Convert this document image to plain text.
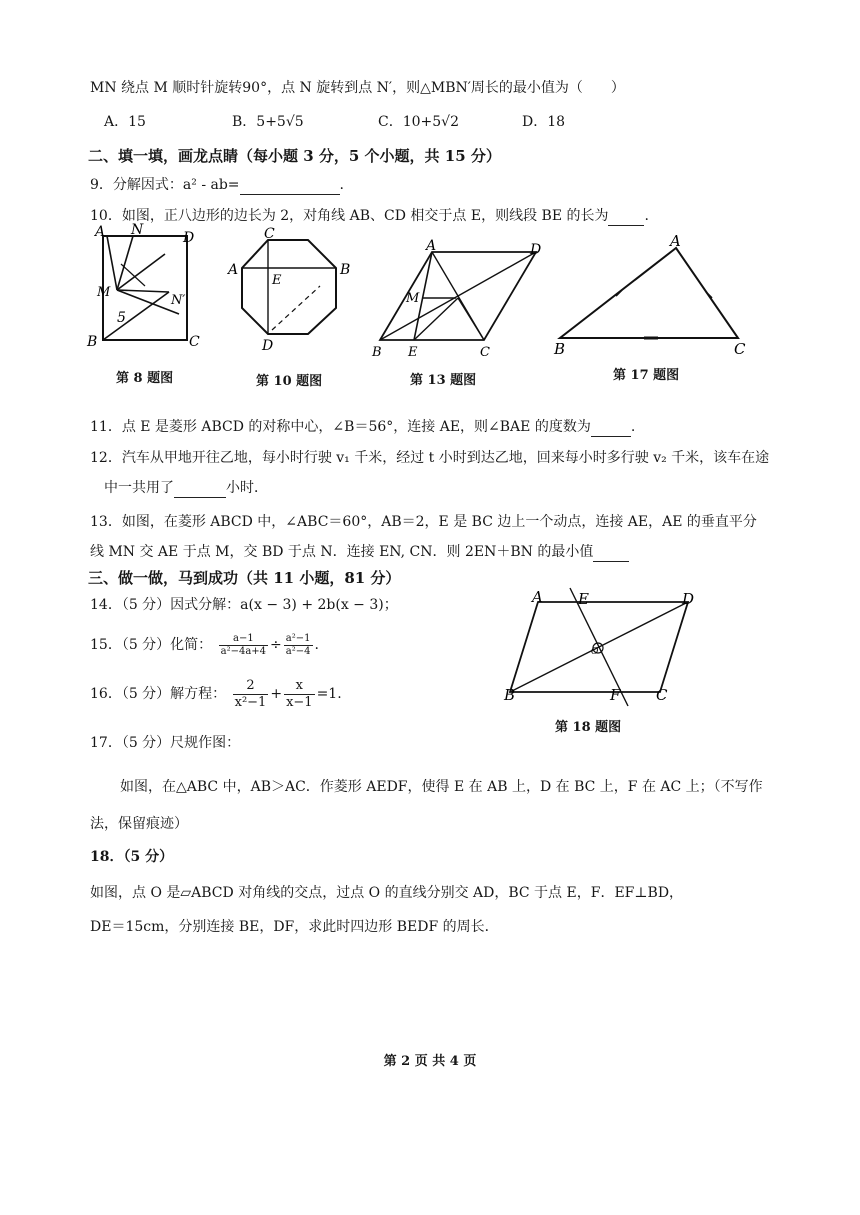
MN 绕点 M 顺时针旋转90°，点 N 旋转到点 N′，则△MBN′周长的最小值为（　　）
A．15	B．5+5√5	C．10+5√2	D．18
二、填一填，画龙点睛（每小题 3 分，5 个小题，共 15 分）
9．分解因式：a² - ab=	.
10．如图，正八边形的边长为 2，对角线 AB、CD 相交于点 E，则线段 BE 的长为	.
A N	D
M
N′
5
B	C
第 8 题图
C
A
E
B
D
第 10 题图
A	D
M
B E	C
第 13 题图
A
B	C
第 17 题图
11．点 E 是菱形 ABCD 的对称中心，∠B＝56°，连接 AE，则∠BAE 的度数为	.
12．汽车从甲地开往乙地，每小时行驶 v₁ 千米，经过 t 小时到达乙地，回来每小时多行驶 v₂ 千米，该车在途
中一共用了	小时．
13．如图，在菱形 ABCD 中，∠ABC＝60°，AB＝2，E 是 BC 边上一个动点，连接 AE，AE 的垂直平分
线 MN 交 AE 于点 M，交 BD 于点 N．连接 EN, CN．则 2EN＋BN 的最小值
三、做一做，马到成功（共 11 小题，81 分）
14．（5 分）因式分解：a(x − 3) + 2b(x − 3)；
15．（5 分）化简： $\frac{a-1}{\text{a²−4a+4}} \div \frac{\text{a²−1}}{\text{a²−4}}$ .
16．（5 分）解方程： $\frac{2}{\text{x²−1}} + \frac{x}{x-1} =1$.
A E	D
O
B	F C
第 18 题图
17．（5 分）尺规作图：
如图，在△ABC 中，AB＞AC．作菱形 AEDF，使得 E 在 AB 上，D 在 BC 上，F 在 AC 上；（不写作
法，保留痕迹）
18．（5 分）
如图，点 O 是▱ABCD 对角线的交点，过点 O 的直线分别交 AD，BC 于点 E，F．EF⊥BD，
DE＝15cm，分别连接 BE，DF，求此时四边形 BEDF 的周长．
第 2 页 共 4 页
